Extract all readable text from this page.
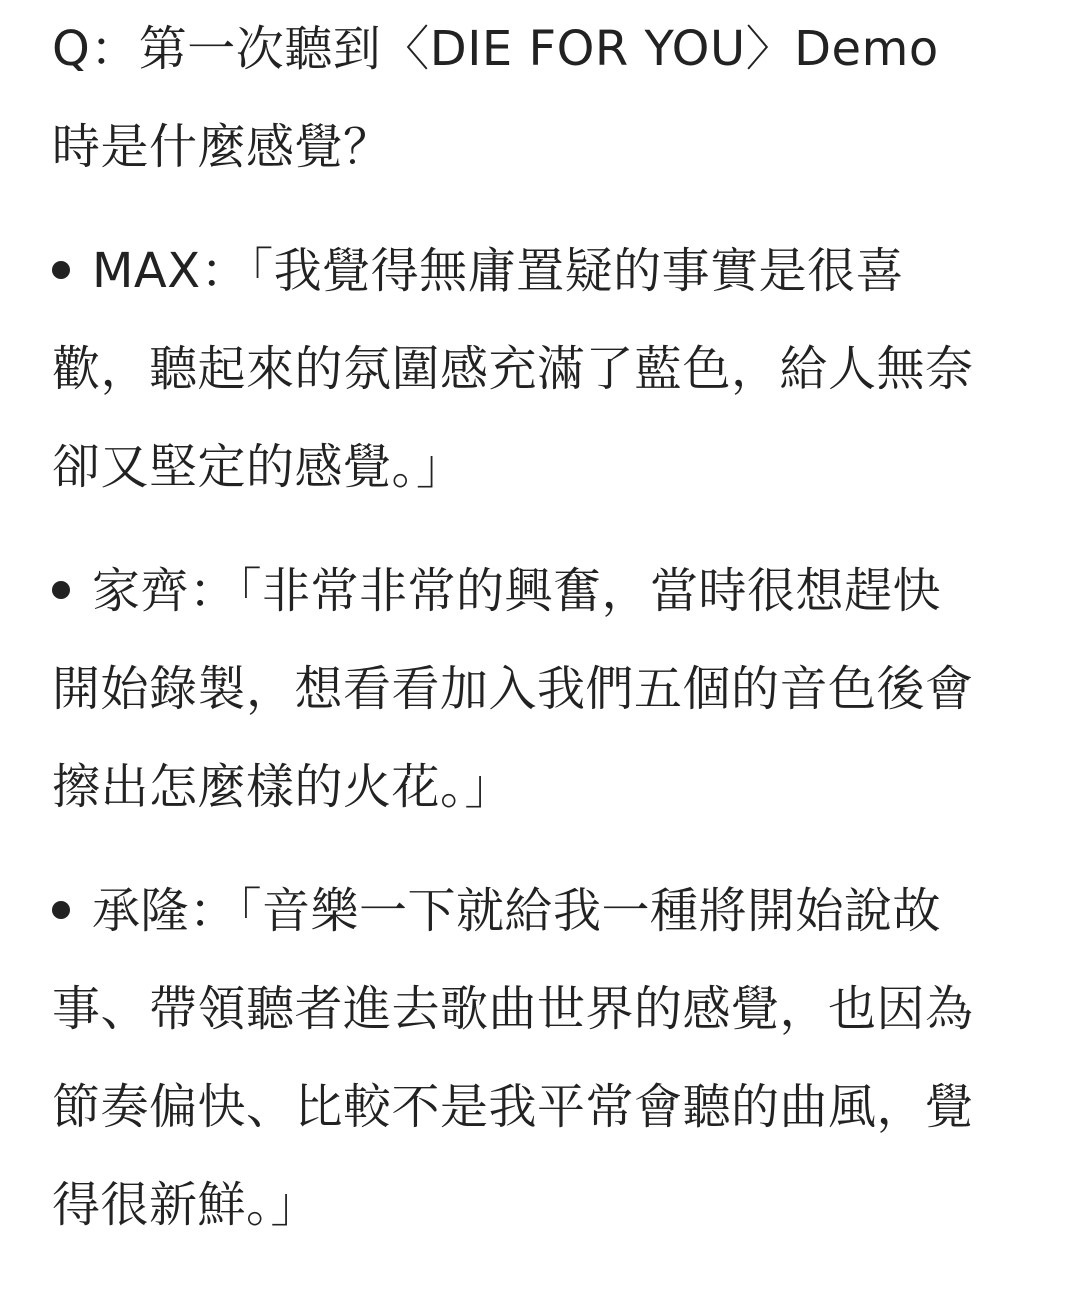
Q：第一次聽到〈DIE FOR YOU〉Demo
時是什麼感覺？

MAX：「我覺得無庸置疑的事實是很喜
歡，聽起來的氛圍感充滿了藍色，給人無奈
卻又堅定的感覺。」

家齊：「非常非常的興奮，當時很想趕快
開始錄製，想看看加入我們五個的音色後會
擦出怎麼樣的火花。」

承隆：「音樂一下就給我一種將開始說故
事、帶領聽者進去歌曲世界的感覺，也因為
節奏偏快、比較不是我平常會聽的曲風，覺
得很新鮮。」
